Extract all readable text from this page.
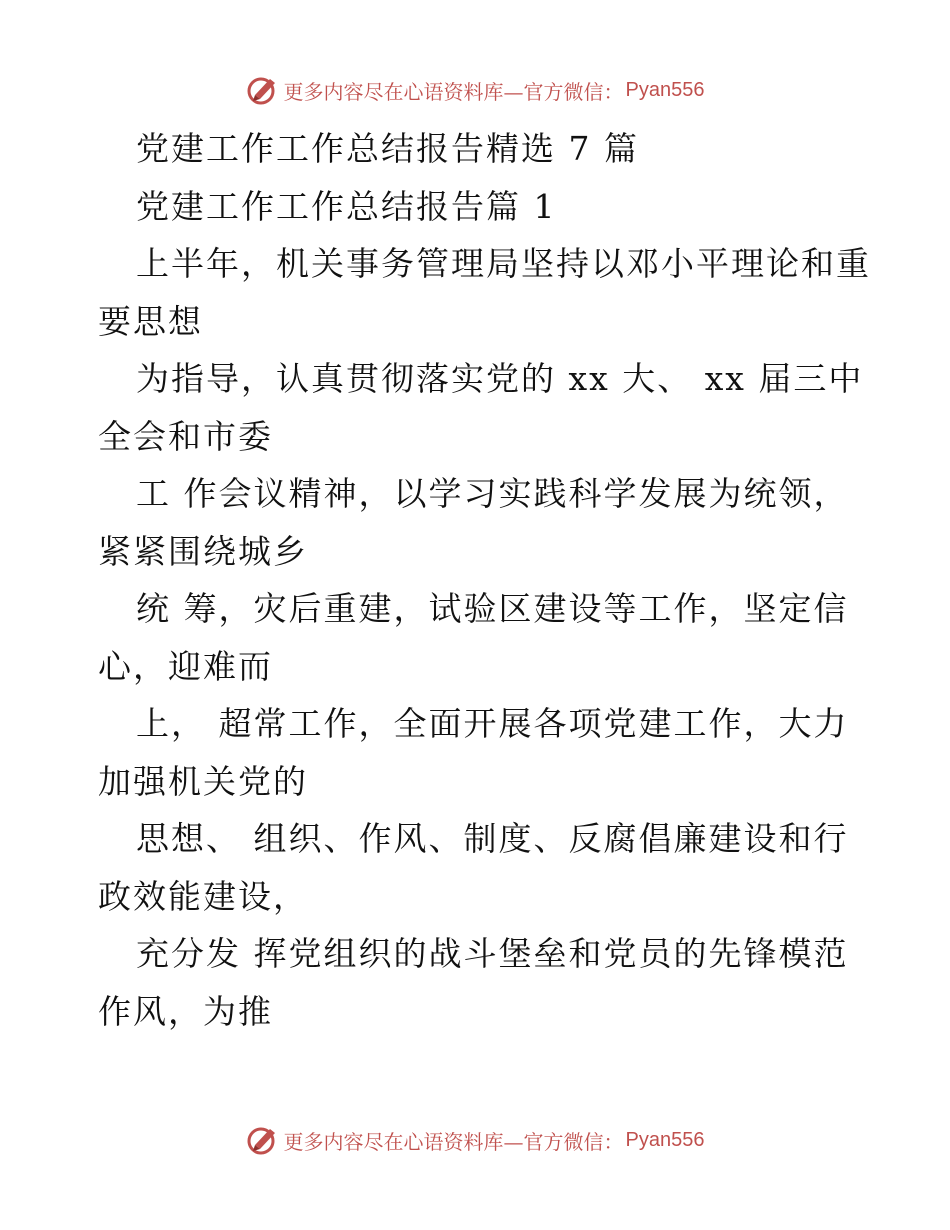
更多内容尽在心语资料库—官方微信： Pyan556
党建工作工作总结报告精选 7 篇
党建工作工作总结报告篇 1
上半年，机关事务管理局坚持以邓小平理论和重
要思想
为指导，认真贯彻落实党的 xx 大、 xx 届三中
全会和市委
工 作会议精神，以学习实践科学发展为统领，
紧紧围绕城乡
统 筹，灾后重建，试验区建设等工作，坚定信
心，迎难而
上， 超常工作，全面开展各项党建工作，大力
加强机关党的
思想、 组织、作风、制度、反腐倡廉建设和行
政效能建设，
充分发 挥党组织的战斗堡垒和党员的先锋模范
作风，为推
更多内容尽在心语资料库—官方微信： Pyan556
